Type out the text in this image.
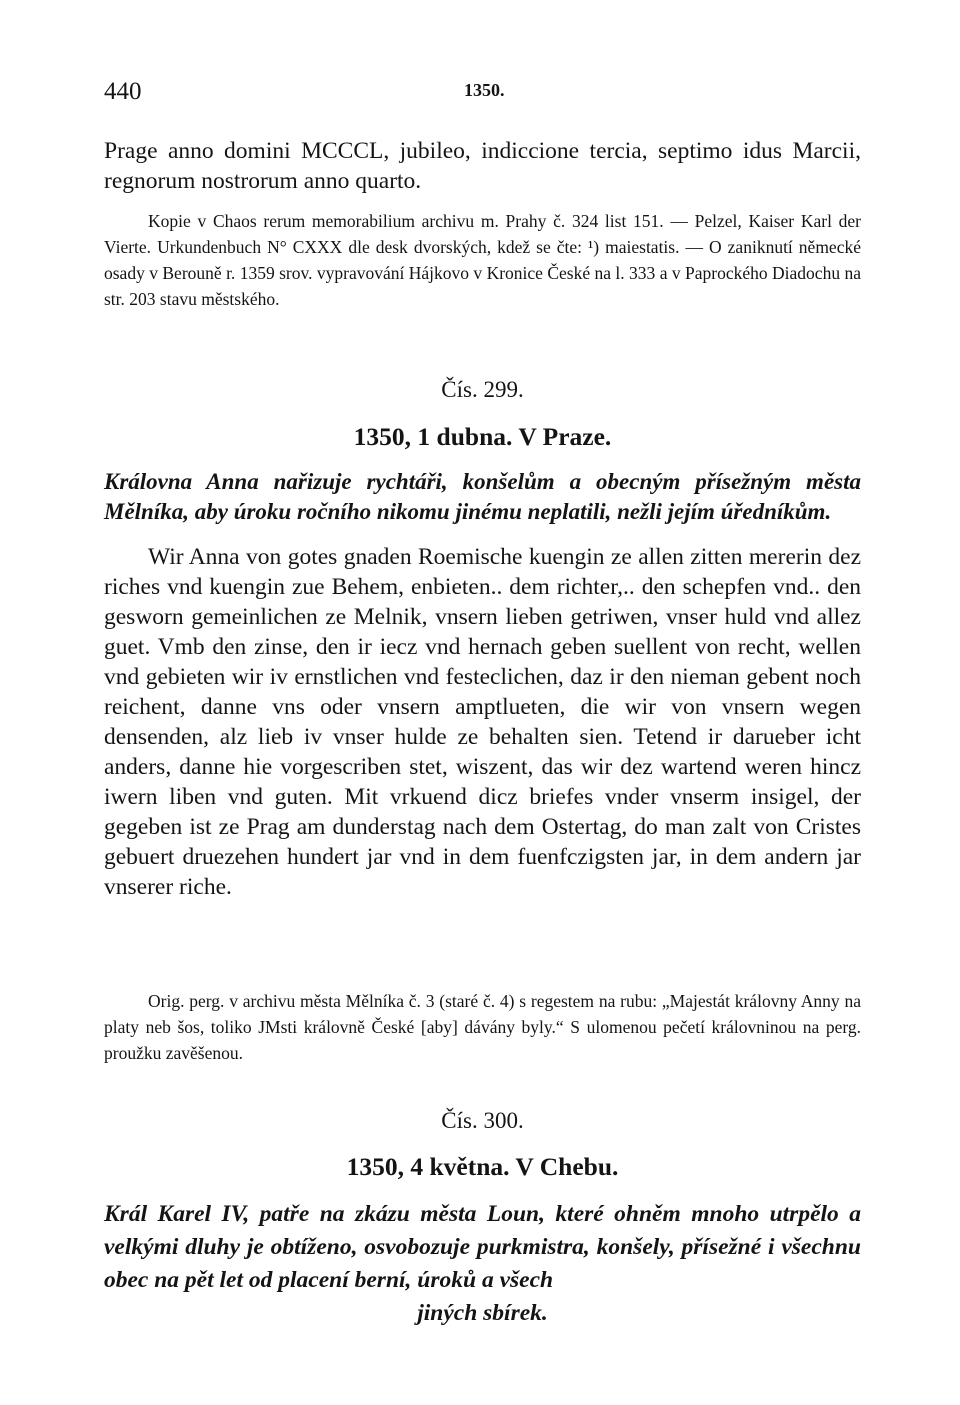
440	1350.

Prage anno domini MCCCL, jubileo, indiccione tercia, septimo idus Marcii, regnorum nostrorum anno quarto.

Kopie v Chaos rerum memorabilium archivu m. Prahy č. 324 list 151. — Pelzel, Kaiser Karl der Vierte. Urkundenbuch N° CXXX dle desk dvorských, kdež se čte: ¹) maiestatis. — O zaniknutí německé osady v Berouně r. 1359 srov. vypravování Hájkovo v Kronice České na l. 333 a v Paprockého Diadochu na str. 203 stavu městského.

Čís. 299.

1350, 1 dubna. V Praze.

Královna Anna nařizuje rychtáři, konšelům a obecným přísežným města Mělníka, aby úroku ročního nikomu jinému neplatili, nežli jejím úředníkům.

Wir Anna von gotes gnaden Roemische kuengin ze allen zitten mererin dez riches vnd kuengin zue Behem, enbieten.. dem richter,.. den schepfen vnd.. den gesworn gemeinlichen ze Melnik, vnsern lieben getriwen, vnser huld vnd allez guet. Vmb den zinse, den ir iecz vnd hernach geben suellent von recht, wellen vnd gebieten wir iv ernstlichen vnd festeclichen, daz ir den nieman gebent noch reichent, danne vns oder vnsern amptlueten, die wir von vnsern wegen densenden, alz lieb iv vnser hulde ze behalten sien. Tetend ir darueber icht anders, danne hie vorgescriben stet, wiszent, das wir dez wartend weren hincz iwern liben vnd guten. Mit vrkuend dicz briefes vnder vnserm insigel, der gegeben ist ze Prag am dunderstag nach dem Ostertag, do man zalt von Cristes gebuert druezehen hundert jar vnd in dem fuenfczigsten jar, in dem andern jar vnserer riche.

Orig. perg. v archivu města Mělníka č. 3 (staré č. 4) s regestem na rubu: „Majestát královny Anny na platy neb šos, toliko JMsti královně České [aby] dávány byly.“ S ulomenou pečetí královninou na perg. proužku zavěšenou.

Čís. 300.

1350, 4 května. V Chebu.

Král Karel IV, patře na zkázu města Loun, které ohněm mnoho utrpělo a velkými dluhy je obtíženo, osvobozuje purkmistra, konšely, přísežné i všechnu obec na pět let od placení berní, úroků a všech

jiných sbírek.
